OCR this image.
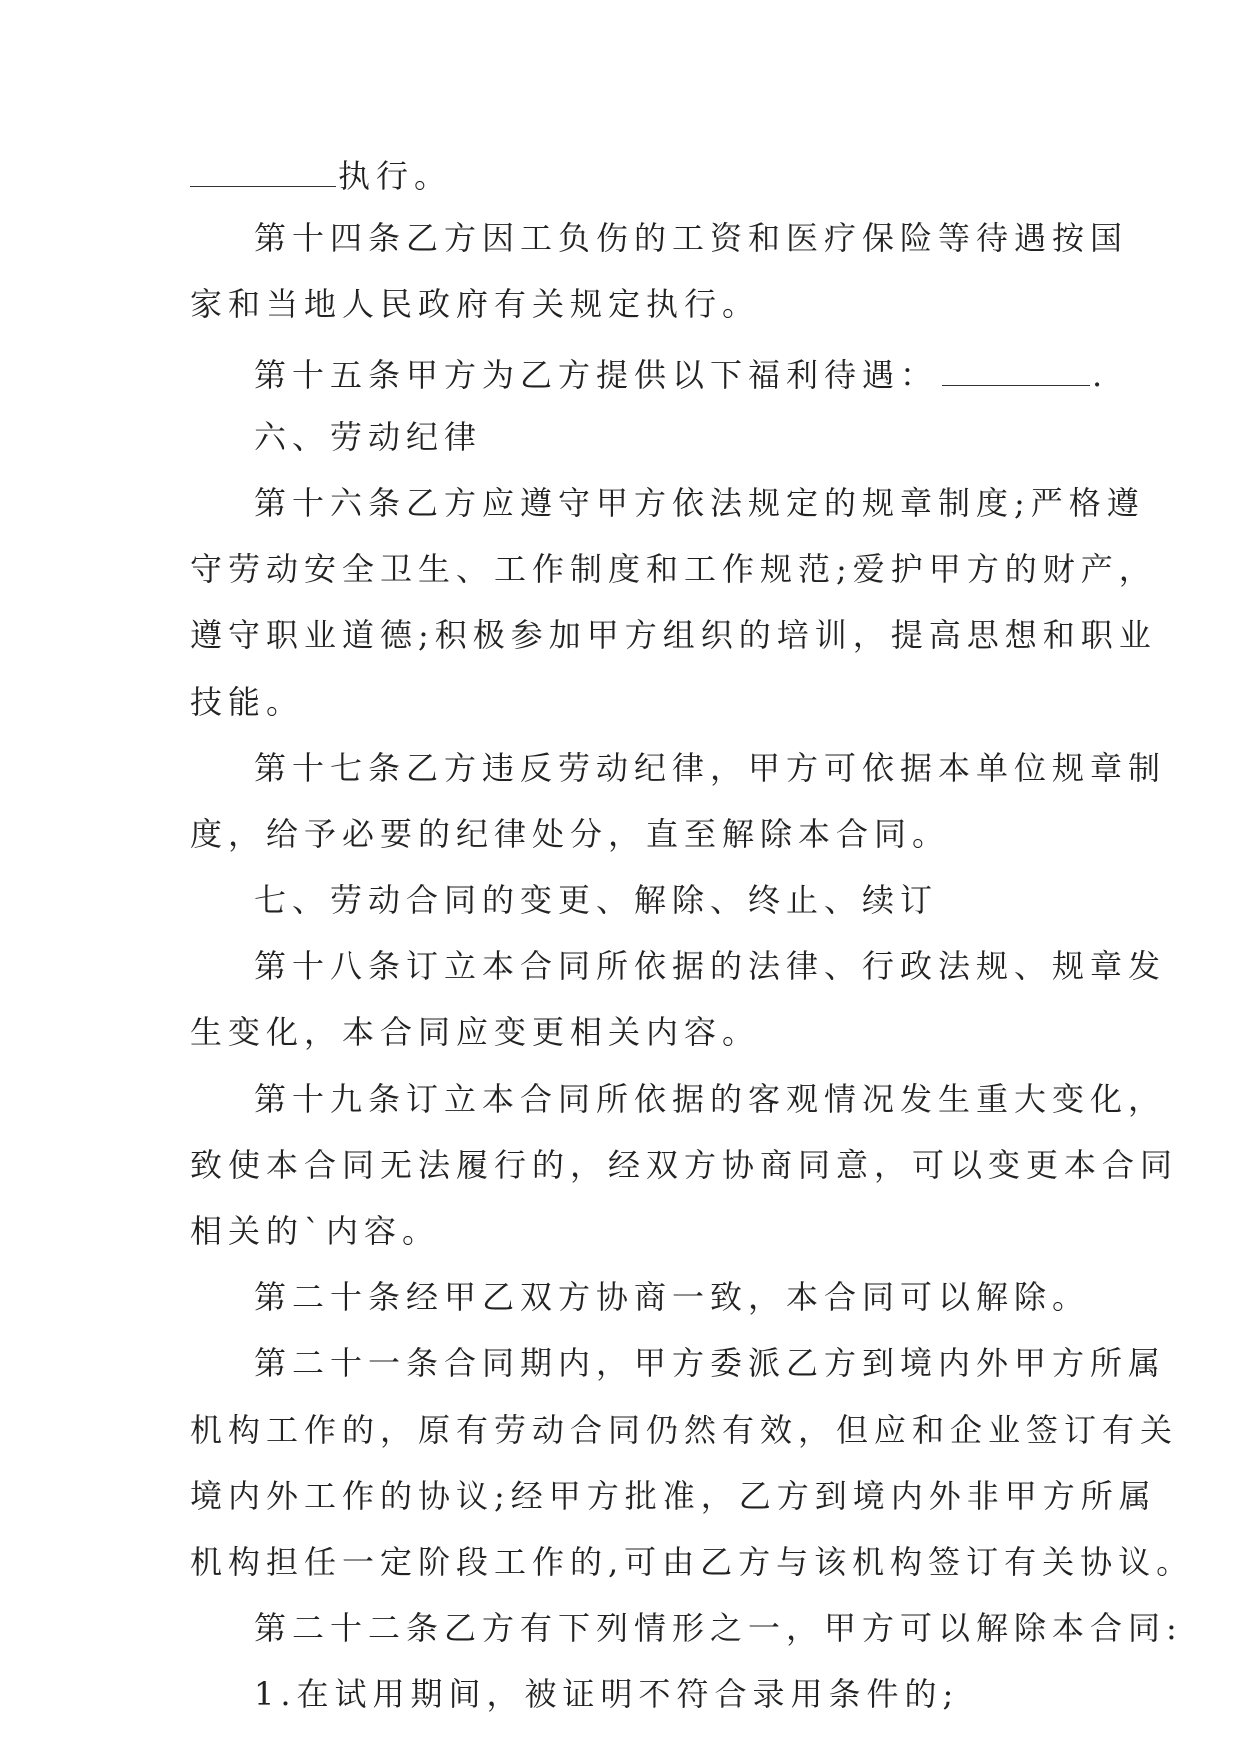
执行。
第十四条乙方因工负伤的工资和医疗保险等待遇按国
家和当地人民政府有关规定执行。
第十五条甲方为乙方提供以下福利待遇：	.
六、劳动纪律
第十六条乙方应遵守甲方依法规定的规章制度;严格遵
守劳动安全卫生、工作制度和工作规范;爱护甲方的财产，
遵守职业道德;积极参加甲方组织的培训，提高思想和职业
技能。
第十七条乙方违反劳动纪律，甲方可依据本单位规章制
度，给予必要的纪律处分，直至解除本合同。
七、劳动合同的变更、解除、终止、续订
第十八条订立本合同所依据的法律、行政法规、规章发
生变化，本合同应变更相关内容。
第十九条订立本合同所依据的客观情况发生重大变化，
致使本合同无法履行的，经双方协商同意，可以变更本合同
相关的`内容。
第二十条经甲乙双方协商一致，本合同可以解除。
第二十一条合同期内，甲方委派乙方到境内外甲方所属
机构工作的，原有劳动合同仍然有效，但应和企业签订有关
境内外工作的协议;经甲方批准，乙方到境内外非甲方所属
机构担任一定阶段工作的,可由乙方与该机构签订有关协议。
第二十二条乙方有下列情形之一，甲方可以解除本合同:
1.在试用期间，被证明不符合录用条件的;
